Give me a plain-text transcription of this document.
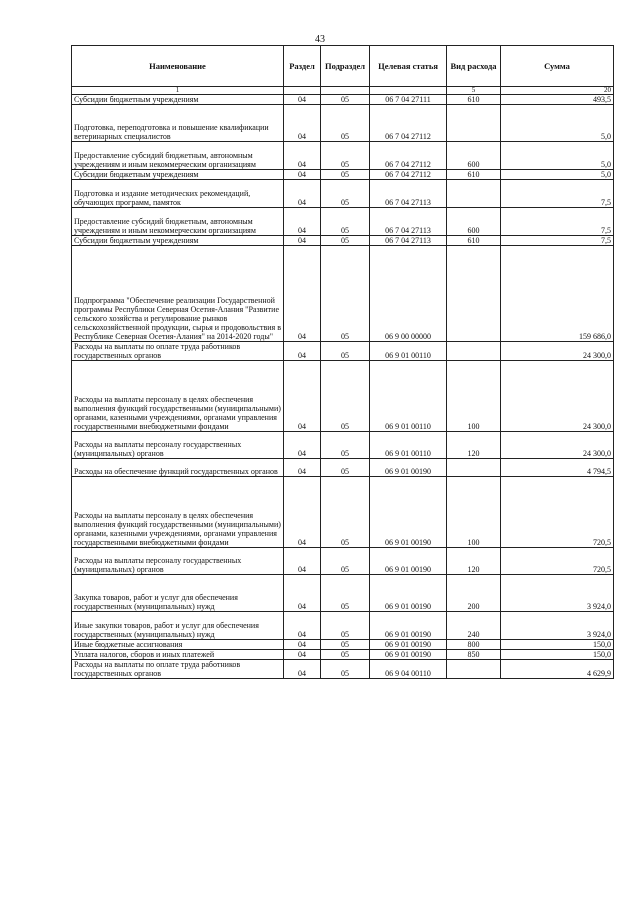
43
Наименование	Раздел	Подраздел	Целевая статья	Вид расхода	Сумма
1				5	20
Субсидии бюджетным учреждениям	04	05	06 7 04 27111	610	493,5
Подготовка, переподготовка и повышение квалификации ветеринарных специалистов	04	05	06 7 04 27112		5,0
Предоставление субсидий бюджетным, автономным учреждениям и иным некоммерческим организациям	04	05	06 7 04 27112	600	5,0
Субсидии бюджетным учреждениям	04	05	06 7 04 27112	610	5,0
Подготовка и издание методических рекомендаций, обучающих программ, памяток	04	05	06 7 04 27113		7,5
Предоставление субсидий бюджетным, автономным учреждениям и иным некоммерческим организациям	04	05	06 7 04 27113	600	7,5
Субсидии бюджетным учреждениям	04	05	06 7 04 27113	610	7,5
Подпрограмма "Обеспечение реализации Государственной программы Республики Северная Осетия-Алания "Развитие сельского хозяйства и регулирование рынков сельскохозяйственной продукции, сырья и продовольствия в Республике Северная Осетия-Алания" на 2014-2020 годы"	04	05	06 9 00 00000		159 686,0
Расходы на выплаты по оплате труда работников государственных органов	04	05	06 9 01 00110		24 300,0
Расходы на выплаты персоналу в целях обеспечения выполнения функций государственными (муниципальными) органами, казенными учреждениями, органами управления государственными внебюджетными фондами	04	05	06 9 01 00110	100	24 300,0
Расходы на выплаты персоналу государственных (муниципальных) органов	04	05	06 9 01 00110	120	24 300,0
Расходы на обеспечение функций государственных органов	04	05	06 9 01 00190		4 794,5
Расходы на выплаты персоналу в целях обеспечения выполнения функций государственными (муниципальными) органами, казенными учреждениями, органами управления государственными внебюджетными фондами	04	05	06 9 01 00190	100	720,5
Расходы на выплаты персоналу государственных (муниципальных) органов	04	05	06 9 01 00190	120	720,5
Закупка товаров, работ и услуг для обеспечения государственных (муниципальных) нужд	04	05	06 9 01 00190	200	3 924,0
Иные закупки товаров, работ и услуг для обеспечения государственных (муниципальных) нужд	04	05	06 9 01 00190	240	3 924,0
Иные бюджетные ассигнования	04	05	06 9 01 00190	800	150,0
Уплата налогов, сборов и иных платежей	04	05	06 9 01 00190	850	150,0
Расходы на выплаты по оплате труда работников государственных органов	04	05	06 9 04 00110		4 629,9
